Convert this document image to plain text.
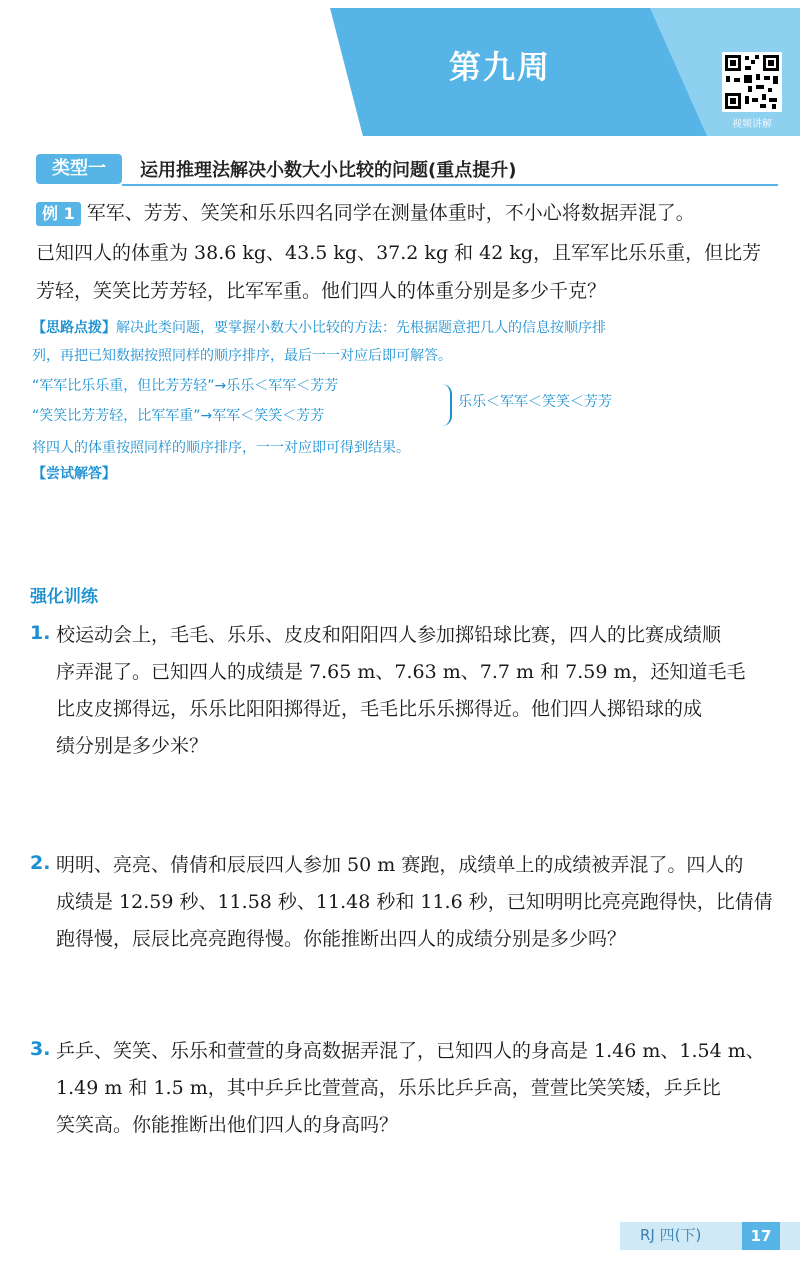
第九周
视频讲解
类型一	运用推理法解决小数大小比较的问题(重点提升)
例 1 军军、芳芳、笑笑和乐乐四名同学在测量体重时，不小心将数据弄混了。
已知四人的体重为 38.6 kg、43.5 kg、37.2 kg 和 42 kg，且军军比乐乐重，但比芳
芳轻，笑笑比芳芳轻，比军军重。他们四人的体重分别是多少千克？
【思路点拨】解决此类问题，要掌握小数大小比较的方法：先根据题意把几人的信息按顺序排
列，再把已知数据按照同样的顺序排序，最后一一对应后即可解答。
“军军比乐乐重，但比芳芳轻”→乐乐＜军军＜芳芳
“笑笑比芳芳轻，比军军重”→军军＜笑笑＜芳芳
乐乐＜军军＜笑笑＜芳芳
将四人的体重按照同样的顺序排序，一一对应即可得到结果。
【尝试解答】
强化训练
1. 校运动会上，毛毛、乐乐、皮皮和阳阳四人参加掷铅球比赛，四人的比赛成绩顺
序弄混了。已知四人的成绩是 7.65 m、7.63 m、7.7 m 和 7.59 m，还知道毛毛
比皮皮掷得远，乐乐比阳阳掷得近，毛毛比乐乐掷得近。他们四人掷铅球的成
绩分别是多少米？
2. 明明、亮亮、倩倩和辰辰四人参加 50 m 赛跑，成绩单上的成绩被弄混了。四人的
成绩是 12.59 秒、11.58 秒、11.48 秒和 11.6 秒，已知明明比亮亮跑得快，比倩倩
跑得慢，辰辰比亮亮跑得慢。你能推断出四人的成绩分别是多少吗？
3. 乒乒、笑笑、乐乐和萱萱的身高数据弄混了，已知四人的身高是 1.46 m、1.54 m、
1.49 m 和 1.5 m，其中乒乒比萱萱高，乐乐比乒乒高，萱萱比笑笑矮，乒乒比
笑笑高。你能推断出他们四人的身高吗？
RJ 四(下)	17
